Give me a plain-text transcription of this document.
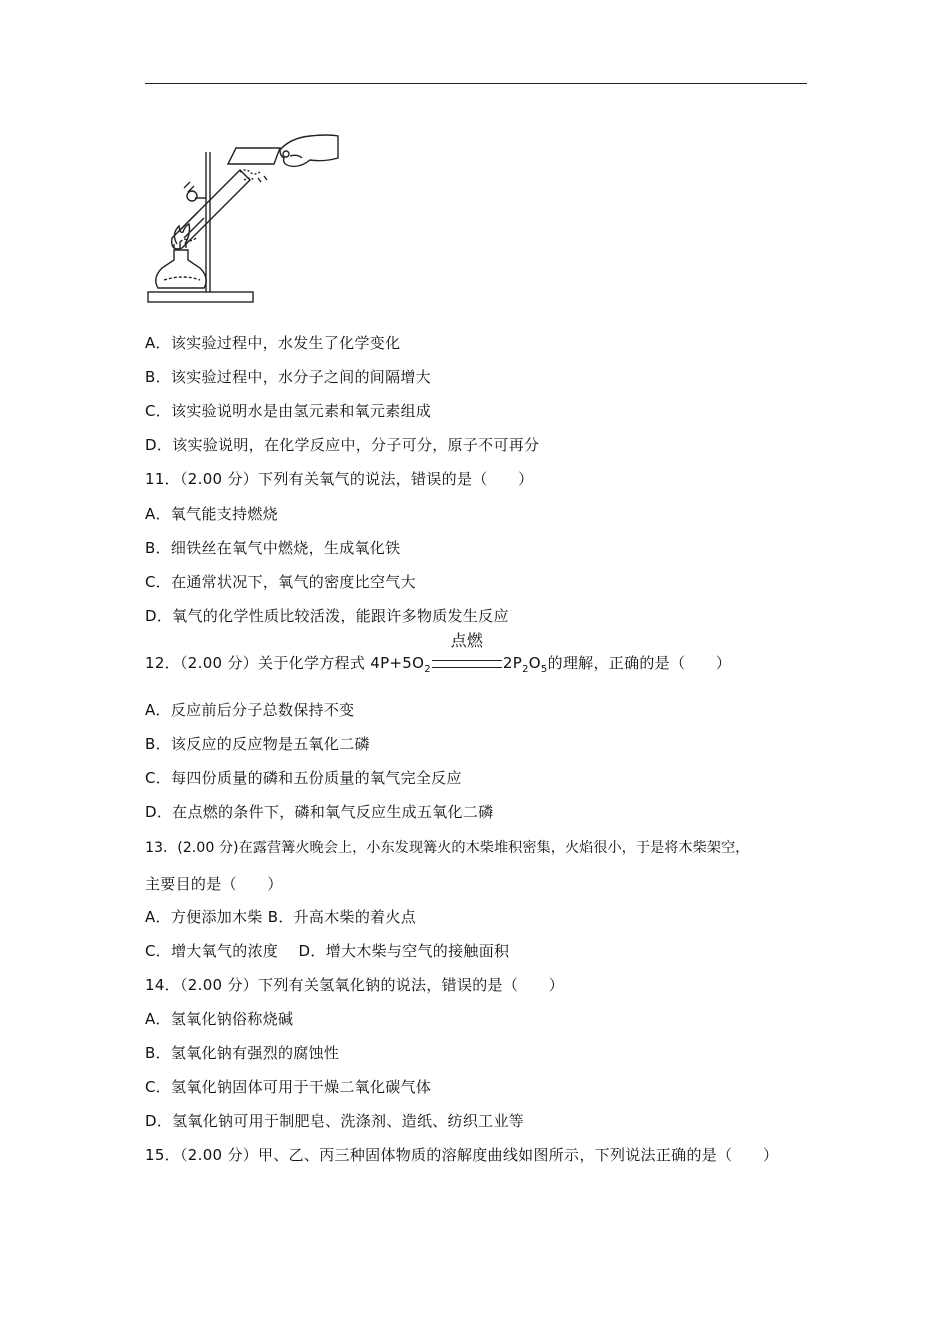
A．该实验过程中，水发生了化学变化
B．该实验过程中，水分子之间的间隔增大
C．该实验说明水是由氢元素和氧元素组成
D．该实验说明，在化学反应中，分子可分，原子不可再分
11．（2.00 分）下列有关氧气的说法，错误的是（　　）
A．氧气能支持燃烧
B．细铁丝在氧气中燃烧，生成氧化铁
C．在通常状况下，氧气的密度比空气大
D．氧气的化学性质比较活泼，能跟许多物质发生反应
12．（2.00 分）关于化学方程式 $4P+5O_2$
点燃
$2P_2O_5$的理解，正确的是（　　）
A．反应前后分子总数保持不变
B．该反应的反应物是五氧化二磷
C．每四份质量的磷和五份质量的氧气完全反应
D．在点燃的条件下，磷和氧气反应生成五氧化二磷
13．(2.00 分)在露营篝火晚会上，小东发现篝火的木柴堆积密集，火焰很小，于是将木柴架空，
主要目的是（　　）
A．方便添加木柴 B．升高木柴的着火点
C．增大氧气的浓度　 D．增大木柴与空气的接触面积
14．（2.00 分）下列有关氢氧化钠的说法，错误的是（　　）
A．氢氧化钠俗称烧碱
B．氢氧化钠有强烈的腐蚀性
C．氢氧化钠固体可用于干燥二氧化碳气体
D．氢氧化钠可用于制肥皂、洗涤剂、造纸、纺织工业等
15．（2.00 分）甲、乙、丙三种固体物质的溶解度曲线如图所示，下列说法正确的是（　　）
